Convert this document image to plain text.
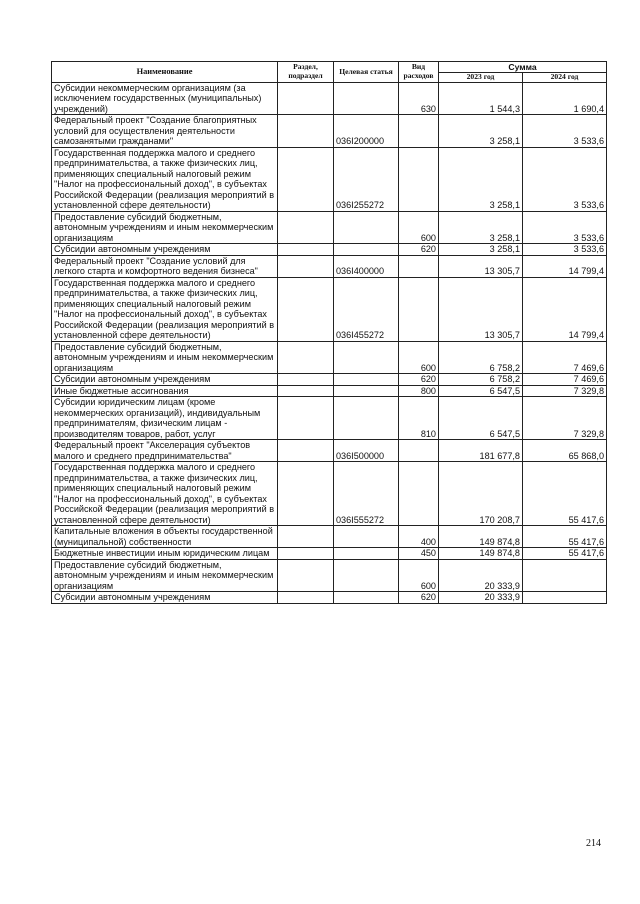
Наименование	Раздел, подраздел	Целевая статья	Вид расходов	Сумма	
				2023 год	2024 год
Субсидии некоммерческим организациям (за исключением государственных (муниципальных) учреждений)			630	1 544,3	1 690,4
Федеральный проект "Создание благоприятных условий для осуществления деятельности самозанятыми гражданами"		036I200000		3 258,1	3 533,6
Государственная поддержка малого и среднего предпринимательства, а также физических лиц, применяющих специальный налоговый режим "Налог на профессиональный доход", в субъектах Российской Федерации (реализация мероприятий в установленной сфере деятельности)		036I255272		3 258,1	3 533,6
Предоставление субсидий бюджетным, автономным учреждениям и иным некоммерческим организациям			600	3 258,1	3 533,6
Субсидии автономным учреждениям			620	3 258,1	3 533,6
Федеральный проект "Создание условий для легкого старта и комфортного ведения бизнеса"		036I400000		13 305,7	14 799,4
Государственная поддержка малого и среднего предпринимательства, а также физических лиц, применяющих специальный налоговый режим "Налог на профессиональный доход", в субъектах Российской Федерации (реализация мероприятий в установленной сфере деятельности)		036I455272		13 305,7	14 799,4
Предоставление субсидий бюджетным, автономным учреждениям и иным некоммерческим организациям			600	6 758,2	7 469,6
Субсидии автономным учреждениям			620	6 758,2	7 469,6
Иные бюджетные ассигнования			800	6 547,5	7 329,8
Субсидии юридическим лицам (кроме некоммерческих организаций), индивидуальным предпринимателям, физическим лицам - производителям товаров, работ, услуг			810	6 547,5	7 329,8
Федеральный проект "Акселерация субъектов малого и среднего предпринимательства"		036I500000		181 677,8	65 868,0
Государственная поддержка малого и среднего предпринимательства, а также физических лиц, применяющих специальный налоговый режим "Налог на профессиональный доход", в субъектах Российской Федерации (реализация мероприятий в установленной сфере деятельности)		036I555272		170 208,7	55 417,6
Капитальные вложения в объекты государственной (муниципальной) собственности			400	149 874,8	55 417,6
Бюджетные инвестиции иным юридическим лицам			450	149 874,8	55 417,6
Предоставление субсидий бюджетным, автономным учреждениям и иным некоммерческим организациям			600	20 333,9	
Субсидии автономным учреждениям			620	20 333,9	
214
